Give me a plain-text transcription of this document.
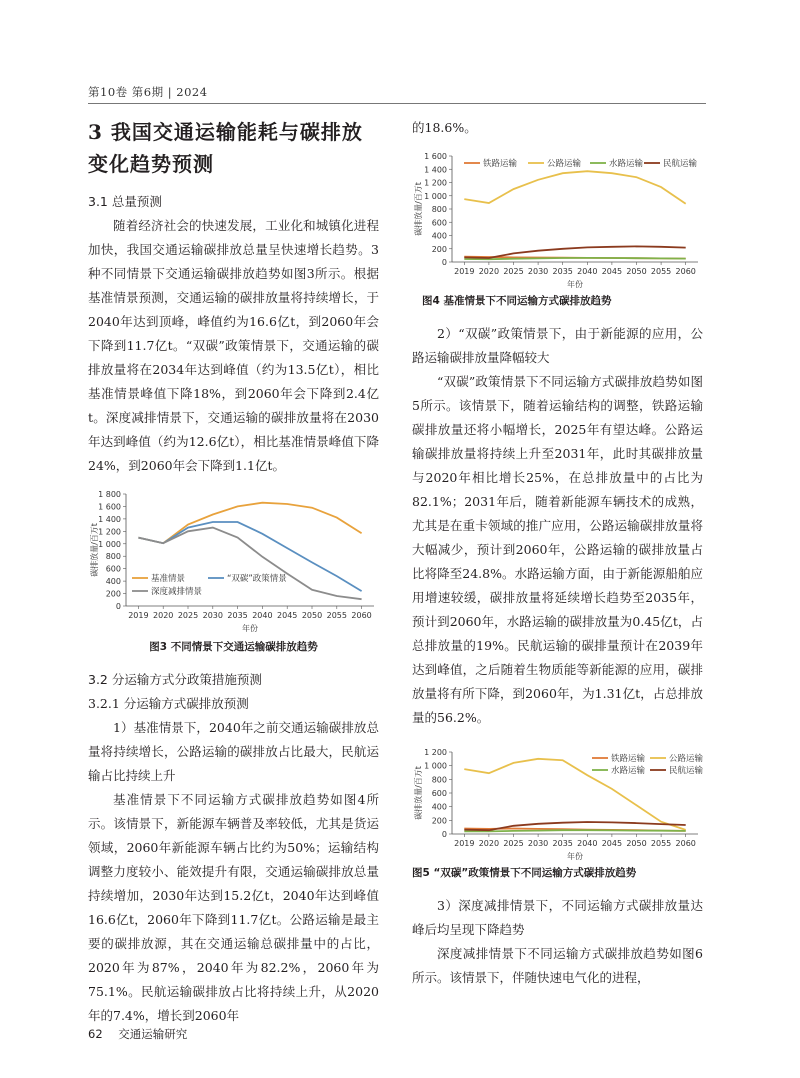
第10卷 第6期 | 2024
3 我国交通运输能耗与碳排放变化趋势预测
3.1 总量预测

随着经济社会的快速发展，工业化和城镇化进程加快，我国交通运输碳排放总量呈快速增长趋势。3种不同情景下交通运输碳排放趋势如图3所示。根据基准情景预测，交通运输的碳排放量将持续增长，于2040年达到顶峰，峰值约为16.6亿t，到2060年会下降到11.7亿t。“双碳”政策情景下，交通运输的碳排放量将在2034年达到峰值（约为13.5亿t），相比基准情景峰值下降18%，到2060年会下降到2.4亿t。深度减排情景下，交通运输的碳排放量将在2030年达到峰值（约为12.6亿t），相比基准情景峰值下降24%，到2060年会下降到1.1亿t。

0
200
400
600
800
1 000
1 200
1 400
1 600
1 800
2019 2020 2025 2030 2035 2040 2045 2050 2055 2060
年份
碳排放量/百万t
基准情景	“双碳”政策情景
深度减排情景
图3 不同情景下交通运输碳排放趋势
3.2 分运输方式分政策措施预测
3.2.1 分运输方式碳排放预测

1）基准情景下，2040年之前交通运输碳排放总量将持续增长，公路运输的碳排放占比最大，民航运输占比持续上升

基准情景下不同运输方式碳排放趋势如图4所示。该情景下，新能源车辆普及率较低，尤其是货运领域，2060年新能源车辆占比约为50%；运输结构调整力度较小、能效提升有限，交通运输碳排放总量持续增加，2030年达到15.2亿t，2040年达到峰值16.6亿t，2060年下降到11.7亿t。公路运输是最主要的碳排放源，其在交通运输总碳排量中的占比，2020年为87%，2040年为82.2%，2060年为75.1%。民航运输碳排放占比将持续上升，从2020年的7.4%，增长到2060年

的18.6%。

0
200
400
600
800
1 000
1 200
1 400
1 600
2019 2020 2025 2030 2035 2040 2045 2050 2055 2060
年份
碳排放量/百万t
铁路运输	公路运输	水路运输 民航运输
图4 基准情景下不同运输方式碳排放趋势

2）“双碳”政策情景下，由于新能源的应用，公路运输碳排放量降幅较大

“双碳”政策情景下不同运输方式碳排放趋势如图5所示。该情景下，随着运输结构的调整，铁路运输碳排放量还将小幅增长，2025年有望达峰。公路运输碳排放量将持续上升至2031年，此时其碳排放量与2020年相比增长25%，在总排放量中的占比为82.1%；2031年后，随着新能源车辆技术的成熟，尤其是在重卡领域的推广应用，公路运输碳排放量将大幅减少，预计到2060年，公路运输的碳排放量占比将降至24.8%。水路运输方面，由于新能源船舶应用增速较缓，碳排放量将延续增长趋势至2035年，预计到2060年，水路运输的碳排放量为0.45亿t，占总排放量的19%。民航运输的碳排量预计在2039年达到峰值，之后随着生物质能等新能源的应用，碳排放量将有所下降，到2060年，为1.31亿t，占总排放量的56.2%。

0
200
400
600
800
1 000
1 200
2019 2020 2025 2030 2035 2040 2045 2050 2055 2060
年份
碳排放量/百万t
铁路运输	公路运输
水路运输	民航运输
图5 “双碳”政策情景下不同运输方式碳排放趋势

3）深度减排情景下，不同运输方式碳排放量达峰后均呈现下降趋势

深度减排情景下不同运输方式碳排放趋势如图6所示。该情景下，伴随快速电气化的进程，

62 交通运输研究
